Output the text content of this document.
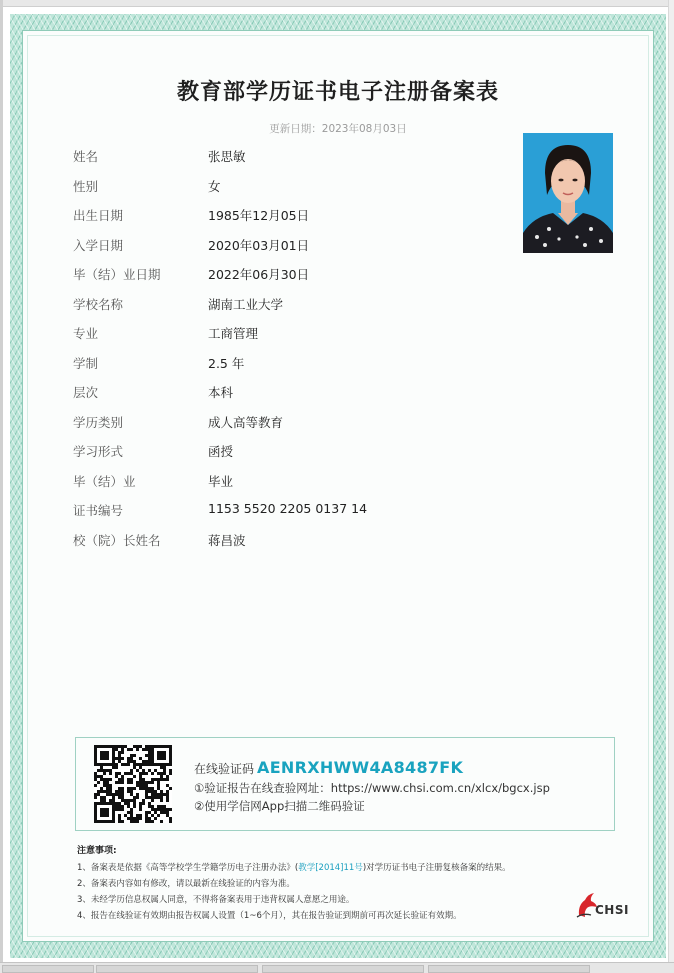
教育部学历证书电子注册备案表
更新日期：2023年08月03日
姓名	张思敏
性别	女
出生日期	1985年12月05日
入学日期	2020年03月01日
毕（结）业日期	2022年06月30日
学校名称	湖南工业大学
专业	工商管理
学制	2.5 年
层次	本科
学历类别	成人高等教育
学习形式	函授
毕（结）业	毕业
证书编号	1153 5520 2205 0137 14
校（院）长姓名	蒋昌波
在线验证码 AENRXHWW4A8487FK
①验证报告在线查验网址：https://www.chsi.com.cn/xlcx/bgcx.jsp
②使用学信网App扫描二维码验证
注意事项:
1、备案表是依据《高等学校学生学籍学历电子注册办法》(教学[2014]11号)对学历证书电子注册复核备案的结果。
2、备案表内容如有修改，请以最新在线验证的内容为准。
3、未经学历信息权属人同意，不得将备案表用于违背权属人意愿之用途。
4、报告在线验证有效期由报告权属人设置（1~6个月），其在报告验证到期前可再次延长验证有效期。	CHSI
